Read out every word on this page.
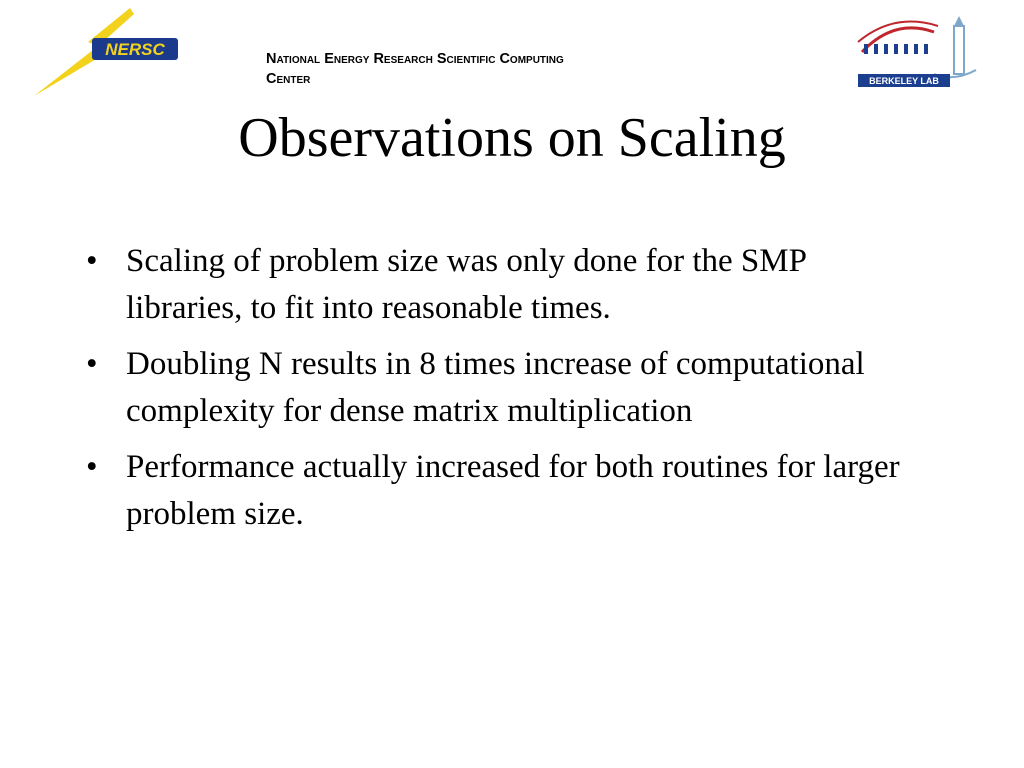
NERSC	National Energy Research Scientific Computing
Center	BERKELEY LAB
Observations on Scaling
• Scaling of problem size was only done for the SMP libraries, to fit into reasonable times.
• Doubling N results in 8 times increase of computational complexity for dense matrix multiplication
• Performance actually increased for both routines for larger problem size.
